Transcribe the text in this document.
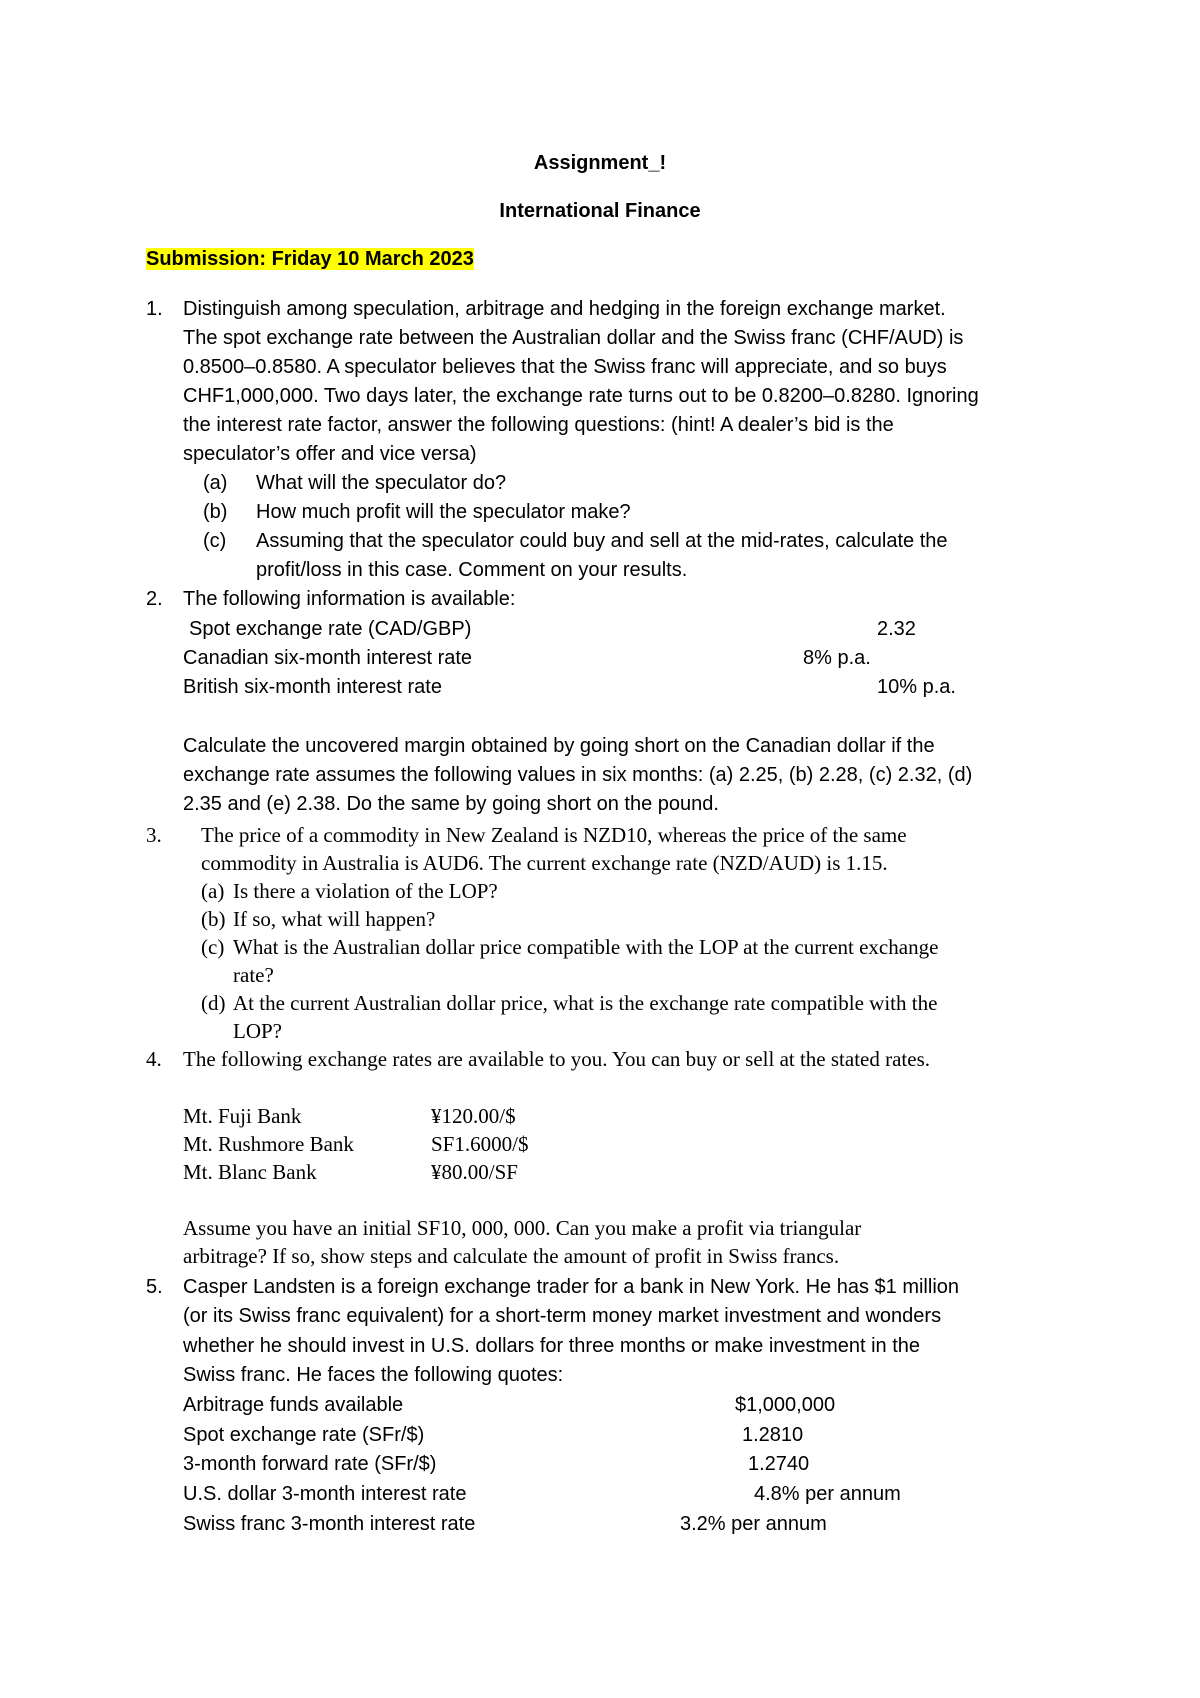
Assignment_!
International Finance
Submission: Friday 10 March 2023
1. Distinguish among speculation, arbitrage and hedging in the foreign exchange market.
The spot exchange rate between the Australian dollar and the Swiss franc (CHF/AUD) is
0.8500–0.8580. A speculator believes that the Swiss franc will appreciate, and so buys
CHF1,000,000. Two days later, the exchange rate turns out to be 0.8200–0.8280. Ignoring
the interest rate factor, answer the following questions: (hint! A dealer’s bid is the
speculator’s offer and vice versa)
(a) What will the speculator do?
(b) How much profit will the speculator make?
(c) Assuming that the speculator could buy and sell at the mid-rates, calculate the
profit/loss in this case. Comment on your results.
2. The following information is available:
Spot exchange rate (CAD/GBP)	2.32
Canadian six-month interest rate	8% p.a.
British six-month interest rate	10% p.a.
Calculate the uncovered margin obtained by going short on the Canadian dollar if the
exchange rate assumes the following values in six months: (a) 2.25, (b) 2.28, (c) 2.32, (d)
2.35 and (e) 2.38. Do the same by going short on the pound.
3. The price of a commodity in New Zealand is NZD10, whereas the price of the same
commodity in Australia is AUD6. The current exchange rate (NZD/AUD) is 1.15.
(a) Is there a violation of the LOP?
(b) If so, what will happen?
(c) What is the Australian dollar price compatible with the LOP at the current exchange
rate?
(d) At the current Australian dollar price, what is the exchange rate compatible with the
LOP?
4. The following exchange rates are available to you. You can buy or sell at the stated rates.
Mt. Fuji Bank	¥120.00/$
Mt. Rushmore Bank	SF1.6000/$
Mt. Blanc Bank	¥80.00/SF
Assume you have an initial SF10, 000, 000. Can you make a profit via triangular
arbitrage? If so, show steps and calculate the amount of profit in Swiss francs.
5. Casper Landsten is a foreign exchange trader for a bank in New York. He has $1 million
(or its Swiss franc equivalent) for a short-term money market investment and wonders
whether he should invest in U.S. dollars for three months or make investment in the
Swiss franc. He faces the following quotes:
Arbitrage funds available	$1,000,000
Spot exchange rate (SFr/$)	1.2810
3-month forward rate (SFr/$)	1.2740
U.S. dollar 3-month interest rate	4.8% per annum
Swiss franc 3-month interest rate	3.2% per annum
